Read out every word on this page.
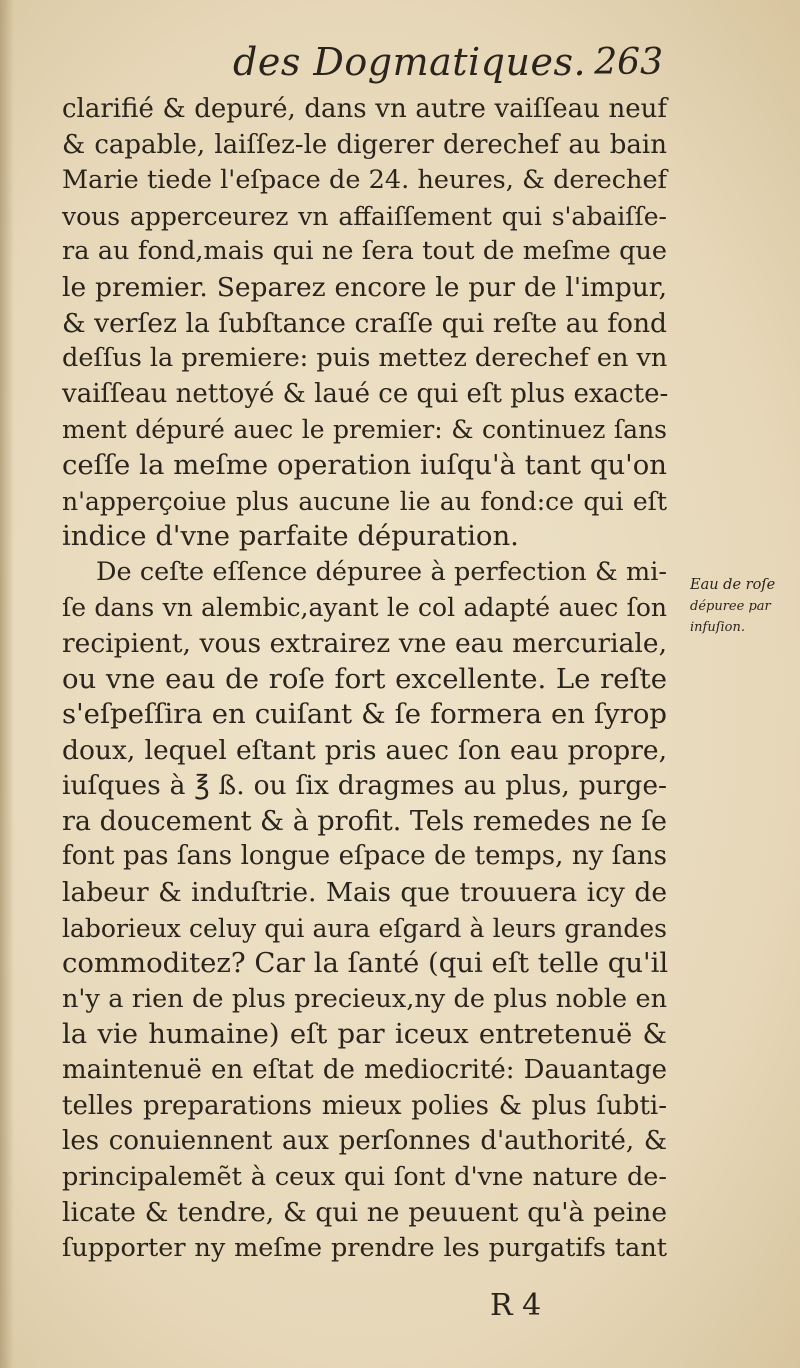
des Dogmatiques. 263
clarifié & depuré, dans vn autre vaiſſeau neuf
& capable, laiſſez-le digerer derechef au bain
Marie tiede l'eſpace de 24. heures, & derechef
vous apperceurez vn affaiſſement qui s'abaiſſe-
ra au fond,mais qui ne ſera tout de meſme que
le premier. Separez encore le pur de l'impur,
& verſez la ſubſtance craſſe qui reſte au fond
deſſus la premiere: puis mettez derechef en vn
vaiſſeau nettoyé & laué ce qui eſt plus exacte-
ment dépuré auec le premier: & continuez ſans
ceſſe la meſme operation iuſqu'à tant qu'on
n'apperçoiue plus aucune lie au fond:ce qui eſt
indice d'vne parfaite dépuration.
De ceſte eſſence dépuree à perfection & mi-
ſe dans vn alembic,ayant le col adapté auec ſon
recipient, vous extrairez vne eau mercuriale,
ou vne eau de roſe fort excellente. Le reſte
s'eſpeſſira en cuiſant & ſe formera en ſyrop
doux, lequel eſtant pris auec ſon eau propre,
iuſques à ℥ ß. ou ſix dragmes au plus, purge-
ra doucement & à profit. Tels remedes ne ſe
font pas ſans longue eſpace de temps, ny ſans
labeur & induſtrie. Mais que trouuera icy de
laborieux celuy qui aura eſgard à leurs grandes
commoditez? Car la ſanté (qui eſt telle qu'il
n'y a rien de plus precieux,ny de plus noble en
la vie humaine) eſt par iceux entretenuë &
maintenuë en eſtat de mediocrité: Dauantage
telles preparations mieux polies & plus ſubti-
les conuiennent aux perſonnes d'authorité, &
principalemẽt à ceux qui ſont d'vne nature de-
licate & tendre, & qui ne peuuent qu'à peine
ſupporter ny meſme prendre les purgatifs tant
Eau de roſe
dépuree par
infuſion.
R 4
